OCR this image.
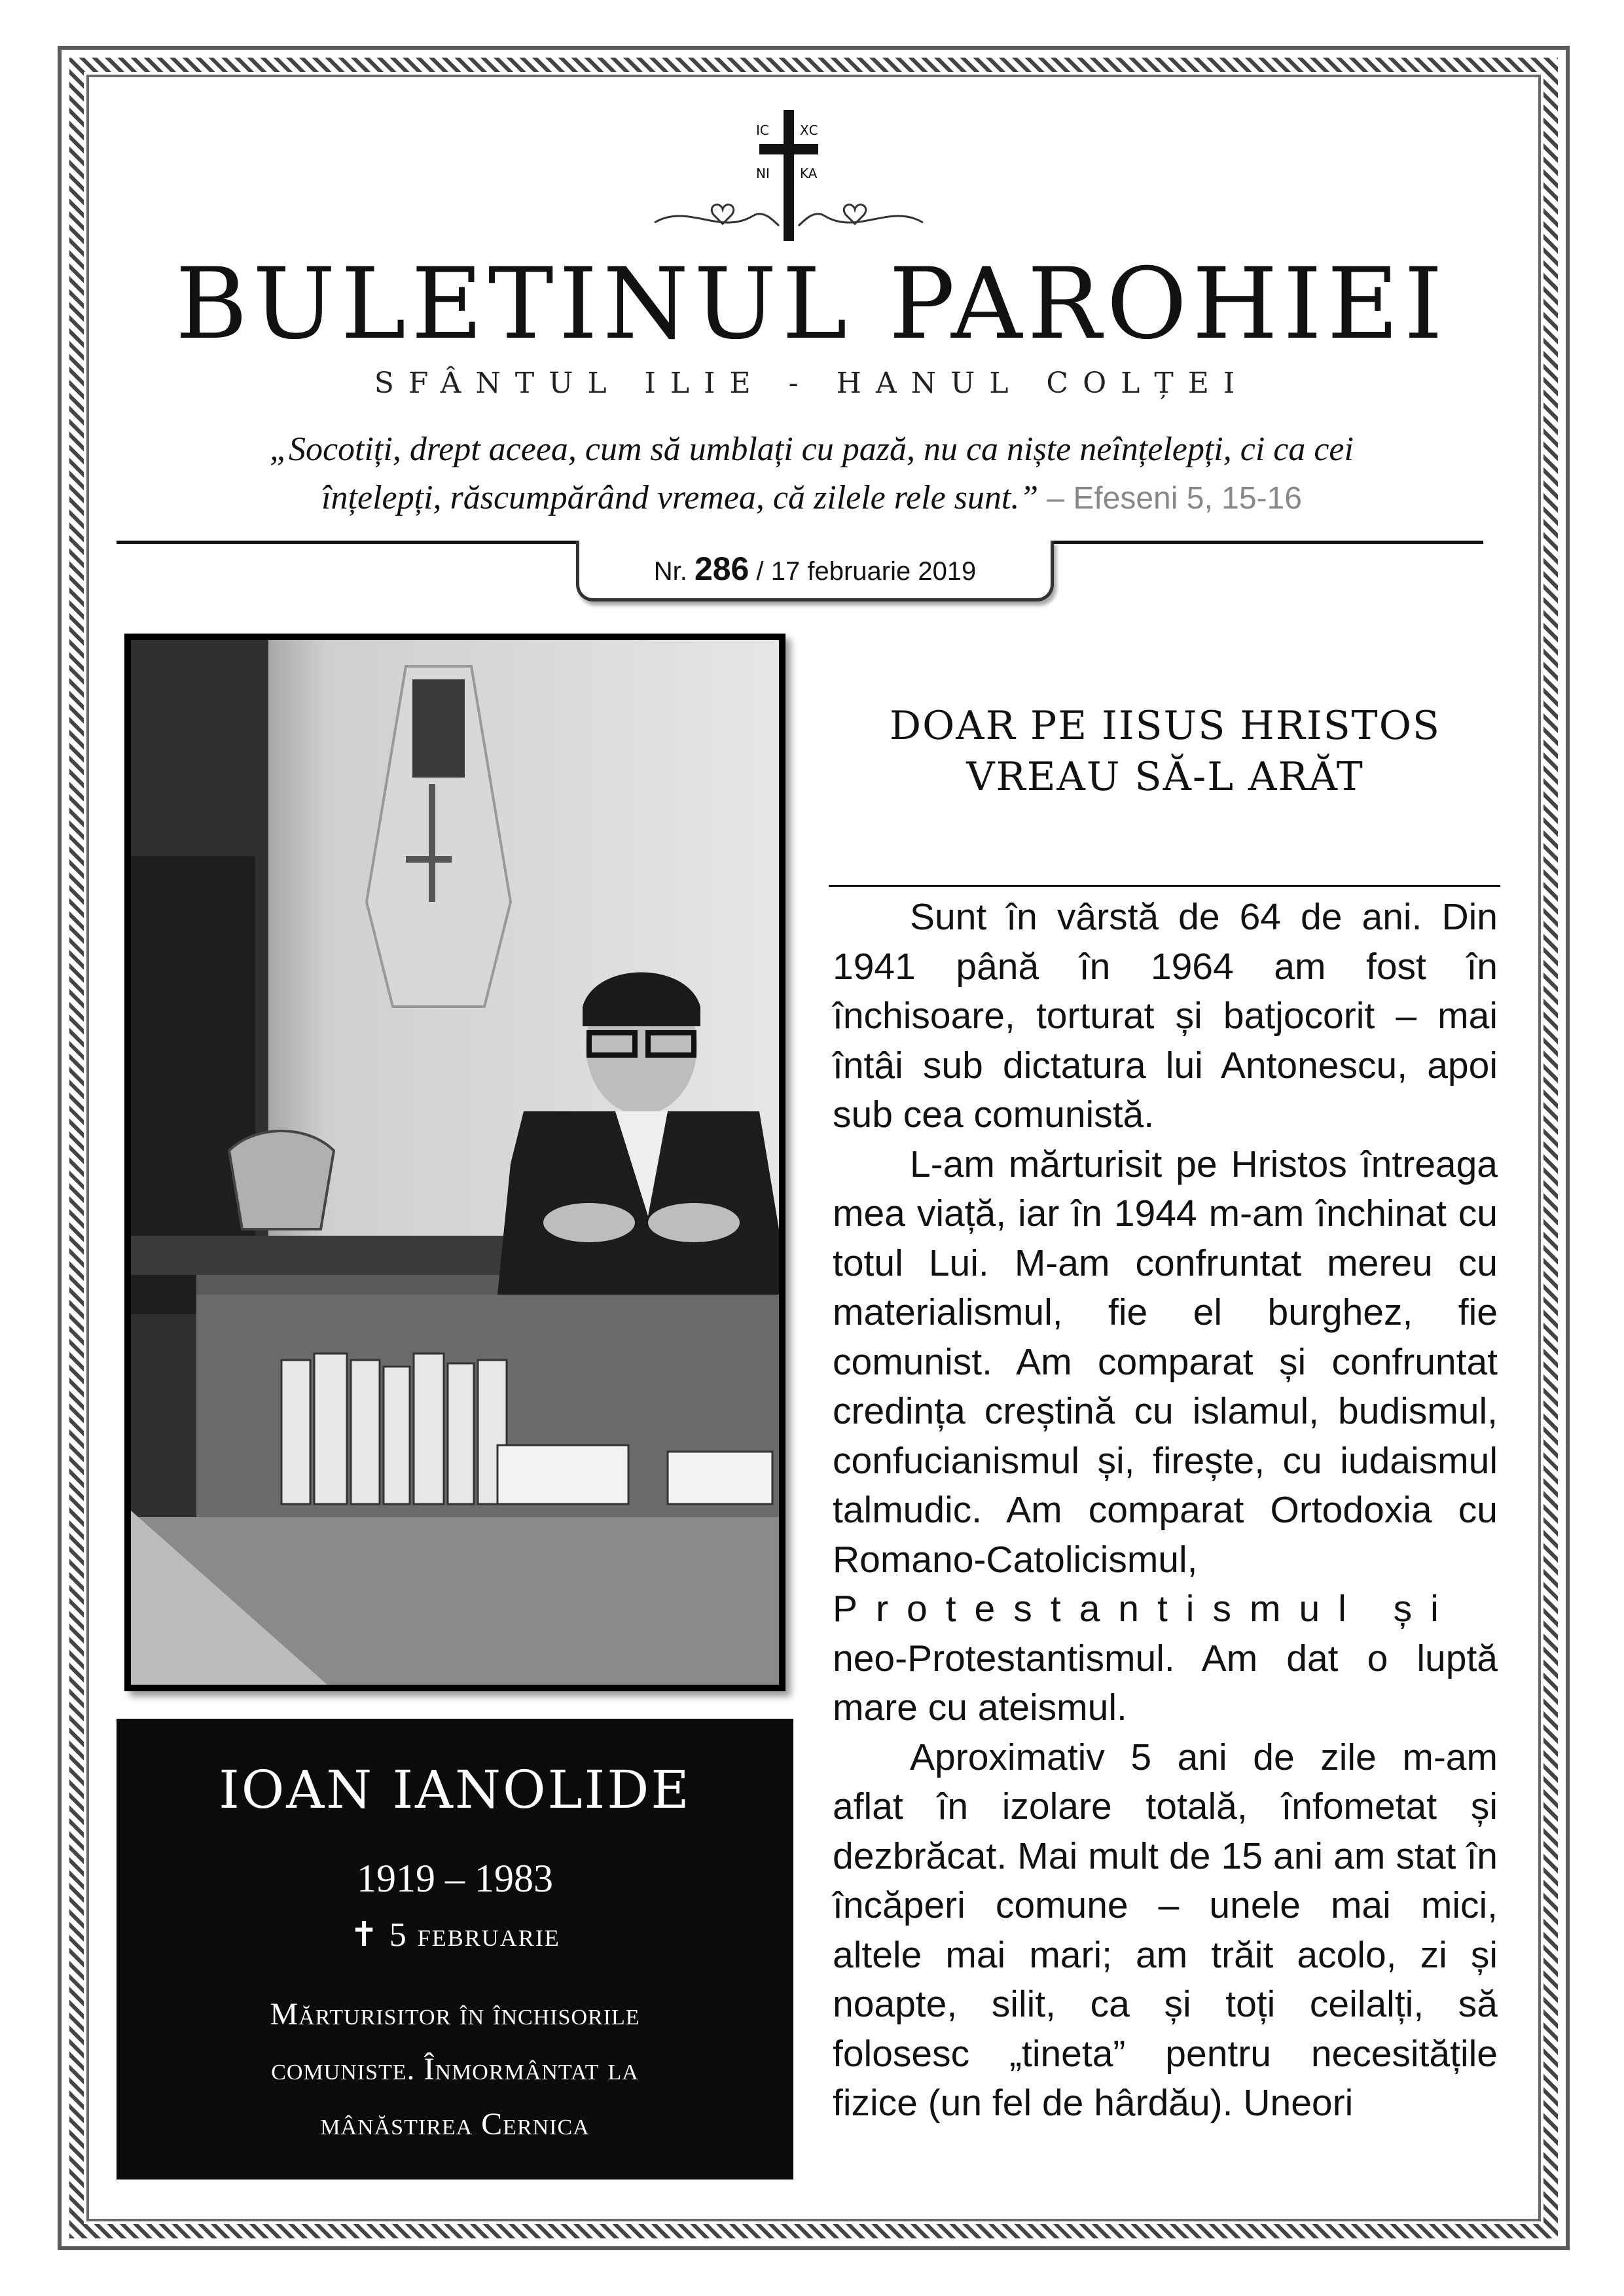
IC ΧC
NI KA
BULETINUL PAROHIEI
SFÂNTUL ILIE - HANUL COLȚEI
„Socotiți, drept aceea, cum să umblați cu pază, nu ca niște neînțelepți, ci ca cei
înțelepți, răscumpărând vremea, că zilele rele sunt.” – Efeseni 5, 15-16
Nr. 286 / 17 februarie 2019
IOAN IANOLIDE
1919 – 1983
✝ 5 februarie
Mărturisitor în închisorile
comuniste. Înmormântat la
mânăstirea Cernica
DOAR PE IISUS HRISTOS
VREAU SĂ-L ARĂT

Sunt în vârstă de 64 de ani. Din 1941 până în 1964 am fost în închisoare, torturat și batjocorit – mai întâi sub dictatura lui Antonescu, apoi sub cea comunistă.

L-am mărturisit pe Hristos întreaga mea viață, iar în 1944 m-am închinat cu totul Lui. M-am confruntat mereu cu materialismul, fie el burghez, fie comunist. Am comparat și confruntat credința creștină cu islamul, budismul, confucianismul și, firește, cu iudaismul talmudic. Am comparat Ortodoxia cu Romano-Catolicismul,

Protestantismul și
neo-Protestantismul. Am dat o luptă mare cu ateismul.

Aproximativ 5 ani de zile m-am aflat în izolare totală, înfometat și dezbrăcat. Mai mult de 15 ani am stat în încăperi comune – unele mai mici, altele mai mari; am trăit acolo, zi și noapte, silit, ca și toți ceilalți, să folosesc „tineta” pentru necesitățile fizice (un fel de hârdău). Uneori
